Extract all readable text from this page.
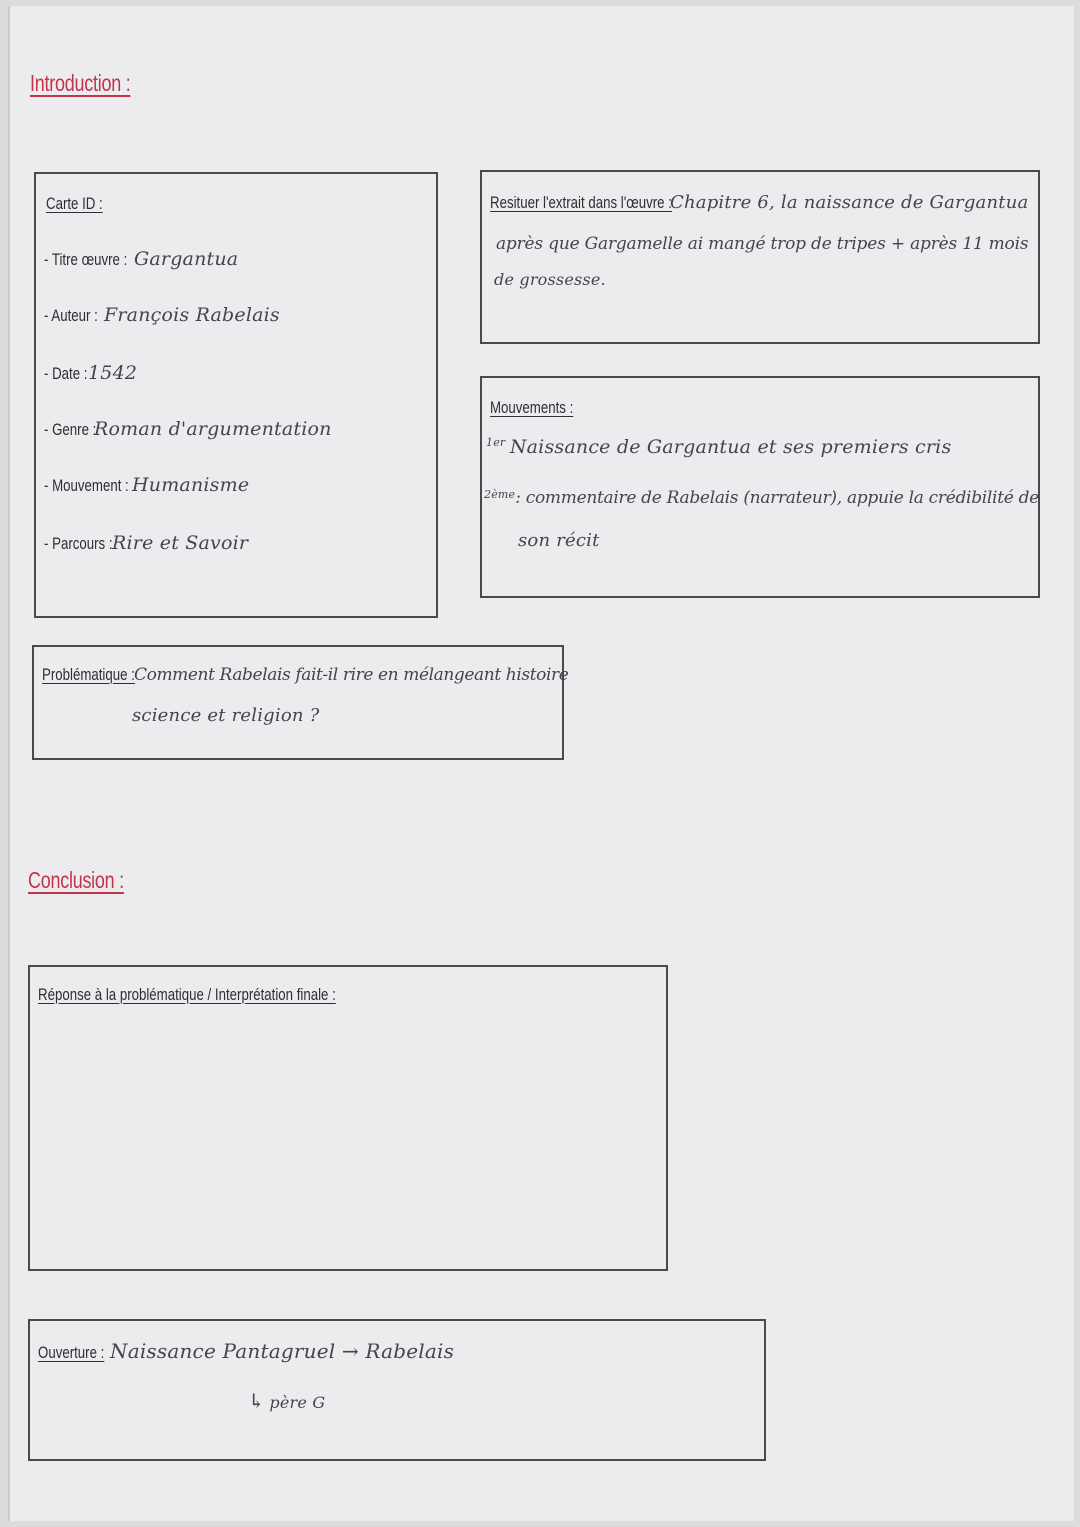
Introduction :
Carte ID :
- Titre œuvre : Gargantua
- Auteur : François Rabelais
- Date :1542
- Genre :Roman d'argumentation
- Mouvement : Humanisme
- Parcours :Rire et Savoir
Resituer l'extrait dans l'œuvre :Chapitre 6, la naissance de Gargantua
après que Gargamelle ai mangé trop de tripes + après 11 mois
de grossesse.
Mouvements :
$^{1er}$ Naissance de Gargantua et ses premiers cris
$^{2ème}$: commentaire de Rabelais (narrateur), appuie la crédibilité de
son récit
Problématique :Comment Rabelais fait-il rire en mélangeant histoire
science et religion ?
Conclusion :
Réponse à la problématique / Interprétation finale :
Ouverture : Naissance Pantagruel → Rabelais
↳ père G
